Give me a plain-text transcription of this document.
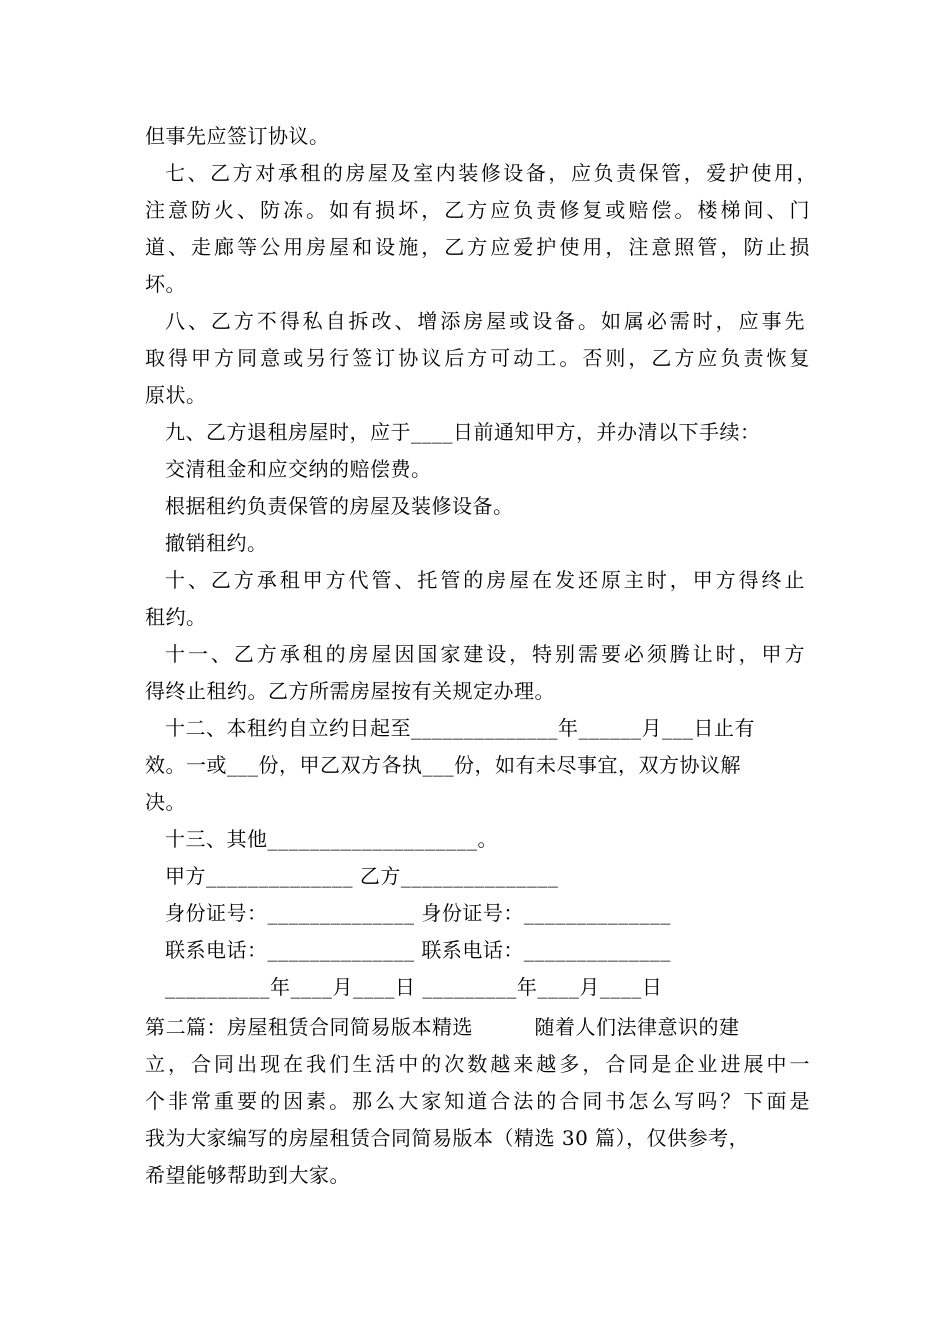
但事先应签订协议。
七、乙方对承租的房屋及室内装修设备，应负责保管，爱护使用，
注意防火、防冻。如有损坏，乙方应负责修复或赔偿。楼梯间、门
道、走廊等公用房屋和设施，乙方应爱护使用，注意照管，防止损
坏。
八、乙方不得私自拆改、增添房屋或设备。如属必需时，应事先
取得甲方同意或另行签订协议后方可动工。否则，乙方应负责恢复
原状。
九、乙方退租房屋时，应于____日前通知甲方，并办清以下手续：
交清租金和应交纳的赔偿费。
根据租约负责保管的房屋及装修设备。
撤销租约。
十、乙方承租甲方代管、托管的房屋在发还原主时，甲方得终止
租约。
十一、乙方承租的房屋因国家建设，特别需要必须腾让时，甲方
得终止租约。乙方所需房屋按有关规定办理。
十二、本租约自立约日起至______________年______月___日止有
效。一或___份，甲乙双方各执___份，如有未尽事宜，双方协议解
决。
十三、其他____________________。
甲方______________ 乙方_______________
身份证号：______________ 身份证号：______________
联系电话：______________ 联系电话：______________
__________年____月____日 _________年____月____日
第二篇：房屋租赁合同简易版本精选　　　随着人们法律意识的建
立，合同出现在我们生活中的次数越来越多，合同是企业进展中一
个非常重要的因素。那么大家知道合法的合同书怎么写吗？下面是
我为大家编写的房屋租赁合同简易版本（精选 30 篇），仅供参考，
希望能够帮助到大家。
